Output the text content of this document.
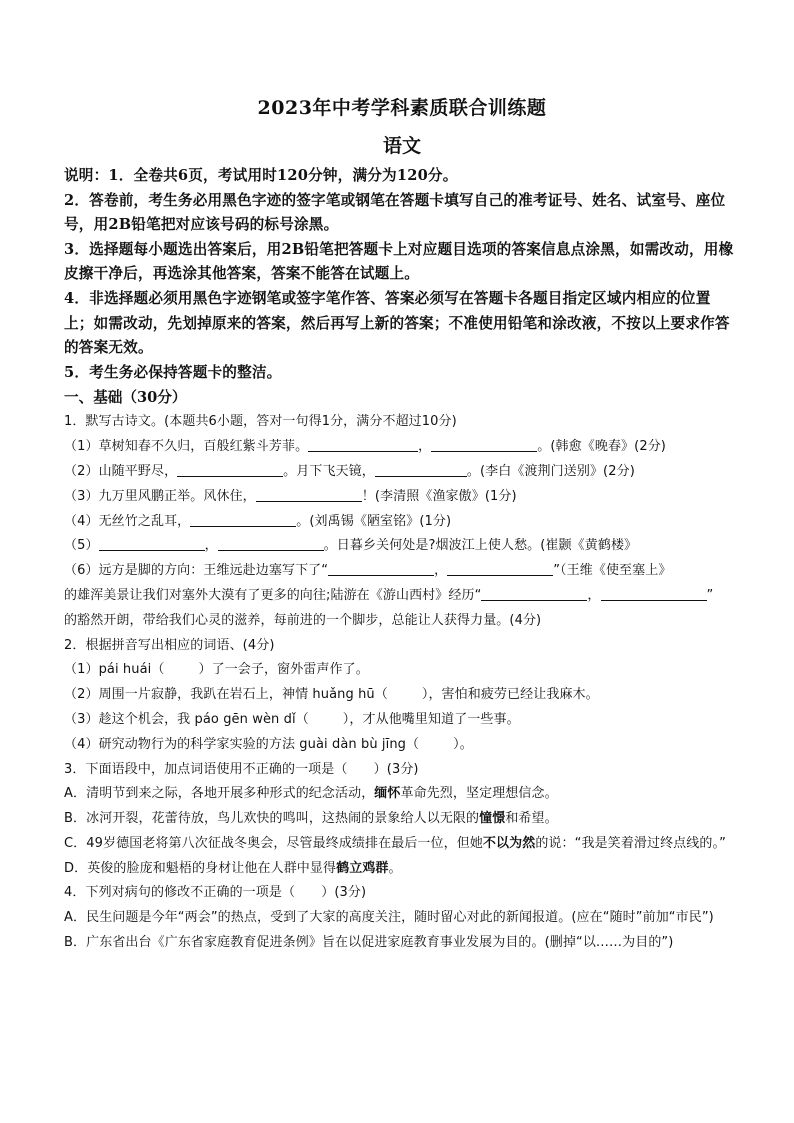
2023年中考学科素质联合训练题
语文

说明：1．全卷共6页，考试用时120分钟，满分为120分。

2．答卷前，考生务必用黑色字迹的签字笔或钢笔在答题卡填写自己的准考证号、姓名、试室号、座位号，用2B铅笔把对应该号码的标号涂黑。

3．选择题每小题选出答案后，用2B铅笔把答题卡上对应题目选项的答案信息点涂黑，如需改动，用橡皮擦干净后，再选涂其他答案，答案不能答在试题上。

4．非选择题必须用黑色字迹钢笔或签字笔作答、答案必须写在答题卡各题目指定区域内相应的位置上；如需改动，先划掉原来的答案，然后再写上新的答案；不准使用铅笔和涂改液，不按以上要求作答的答案无效。

5．考生务必保持答题卡的整洁。

一、基础（30分）

1．默写古诗文。(本题共6小题，答对一句得1分，满分不超过10分)

（1）草树知春不久归，百般红紫斗芳菲。	，	。(韩愈《晚春》(2分)

（2）山随平野尽，	。月下飞天镜，	。(李白《渡荆门送别》(2分)

（3）九万里风鹏正举。风休住，	！(李清照《渔家傲》(1分)

（4）无丝竹之乱耳，	。(刘禹锡《陋室铭》(1分)

（5）	，	。日暮乡关何处是?烟波江上使人愁。(崔颢《黄鹤楼》

（6）远方是脚的方向：王维远赴边塞写下了“	，	”（王维《使至塞上》

的雄浑美景让我们对塞外大漠有了更多的向往;陆游在《游山西村》经历“	，	”

的豁然开朗，带给我们心灵的滋养，每前进的一个脚步，总能让人获得力量。(4分)

2．根据拼音写出相应的词语、(4分)

（1）pái huái（	）了一会子，窗外雷声作了。

（2）周围一片寂静，我趴在岩石上，神情 huǎng hū（	），害怕和疲劳已经让我麻木。

（3）趁这个机会，我 páo gēn wèn dǐ（	），才从他嘴里知道了一些事。

（4）研究动物行为的科学家实验的方法 guài dàn bù jīng（	）。

3．下面语段中，加点词语使用不正确的一项是（　　）(3分)

A．清明节到来之际，各地开展多种形式的纪念活动，缅怀革命先烈，坚定理想信念。

B．冰河开裂，花蕾待放，鸟儿欢快的鸣叫，这热闹的景象给人以无限的憧憬和希望。

C．49岁德国老将第八次征战冬奥会，尽管最终成绩排在最后一位，但她不以为然的说：“我是笑着滑过终点线的。”

D．英俊的脸庞和魁梧的身材让他在人群中显得鹤立鸡群。

4．下列对病句的修改不正确的一项是（　　）(3分)

A．民生问题是今年“两会”的热点，受到了大家的高度关注，随时留心对此的新闻报道。(应在“随时”前加“市民”)

B．广东省出台《广东省家庭教育促进条例》旨在以促进家庭教育事业发展为目的。(删掉“以……为目的”)
